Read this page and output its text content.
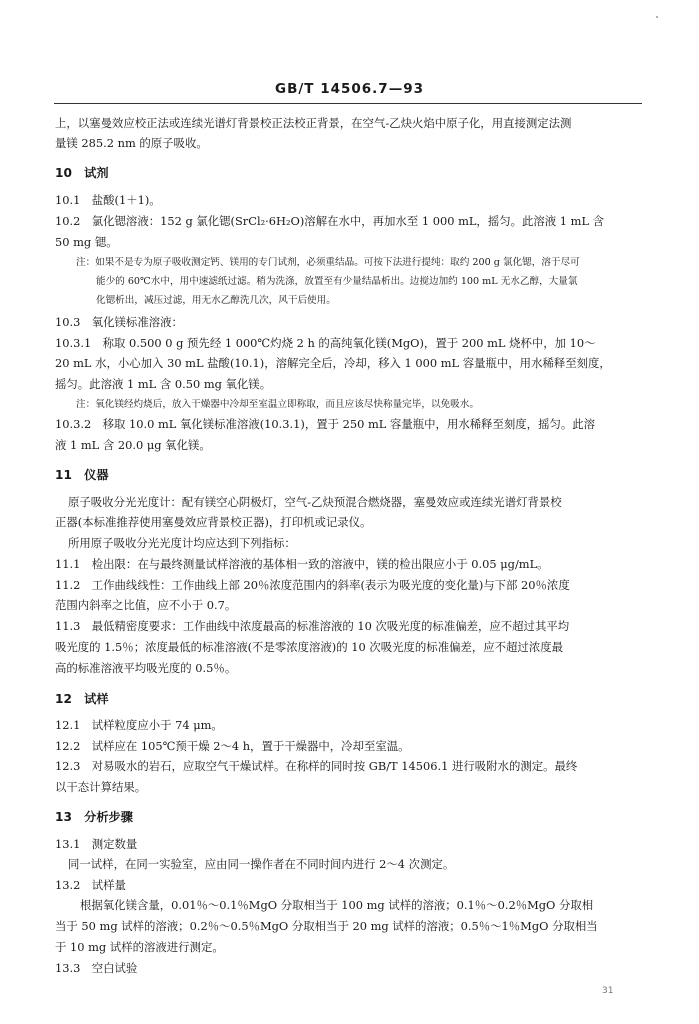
GB/T 14506.7—93
上，以塞曼效应校正法或连续光谱灯背景校正法校正背景，在空气-乙炔火焰中原子化，用直接测定法测
量镁 285.2 nm 的原子吸收。
10　试剂
10.1　盐酸(1＋1)。
10.2　氯化锶溶液：152 g 氯化锶(SrCl₂·6H₂O)溶解在水中，再加水至 1 000 mL，摇匀。此溶液 1 mL 含
50 mg 锶。
注：如果不是专为原子吸收测定钙、镁用的专门试剂，必须重结晶。可按下法进行提纯：取约 200 g 氯化锶，溶于尽可
能少的 60℃水中，用中速滤纸过滤。稍为洗涤，放置至有少量结晶析出。边搅边加约 100 mL 无水乙醇，大量氯
化锶析出，减压过滤，用无水乙醇洗几次，风干后使用。
10.3　氧化镁标准溶液：
10.3.1　称取 0.500 0 g 预先经 1 000℃灼烧 2 h 的高纯氧化镁(MgO)，置于 200 mL 烧杯中，加 10～
20 mL 水，小心加入 30 mL 盐酸(10.1)，溶解完全后，冷却，移入 1 000 mL 容量瓶中，用水稀释至刻度，
摇匀。此溶液 1 mL 含 0.50 mg 氧化镁。
注：氧化镁经灼烧后，放入干燥器中冷却至室温立即称取，而且应该尽快称量完毕，以免吸水。
10.3.2　移取 10.0 mL 氧化镁标准溶液(10.3.1)，置于 250 mL 容量瓶中，用水稀释至刻度，摇匀。此溶
液 1 mL 含 20.0 μg 氧化镁。
11　仪器
原子吸收分光光度计：配有镁空心阴极灯，空气-乙炔预混合燃烧器，塞曼效应或连续光谱灯背景校
正器(本标准推荐使用塞曼效应背景校正器)，打印机或记录仪。
所用原子吸收分光光度计均应达到下列指标：
11.1　检出限：在与最终测量试样溶液的基体相一致的溶液中，镁的检出限应小于 0.05 μg/mL。
11.2　工作曲线线性：工作曲线上部 20％浓度范围内的斜率(表示为吸光度的变化量)与下部 20％浓度
范围内斜率之比值，应不小于 0.7。
11.3　最低精密度要求：工作曲线中浓度最高的标准溶液的 10 次吸光度的标准偏差，应不超过其平均
吸光度的 1.5％；浓度最低的标准溶液(不是零浓度溶液)的 10 次吸光度的标准偏差，应不超过浓度最
高的标准溶液平均吸光度的 0.5％。
12　试样
12.1　试样粒度应小于 74 μm。
12.2　试样应在 105℃预干燥 2～4 h，置于干燥器中，冷却至室温。
12.3　对易吸水的岩石，应取空气干燥试样。在称样的同时按 GB/T 14506.1 进行吸附水的测定。最终
以干态计算结果。
13　分析步骤
13.1　测定数量
同一试样，在同一实验室，应由同一操作者在不同时间内进行 2～4 次测定。
13.2　试样量
根据氧化镁含量，0.01％～0.1％MgO 分取相当于 100 mg 试样的溶液；0.1％～0.2％MgO 分取相
当于 50 mg 试样的溶液；0.2％～0.5％MgO 分取相当于 20 mg 试样的溶液；0.5％～1％MgO 分取相当
于 10 mg 试样的溶液进行测定。
13.3　空白试验
31
